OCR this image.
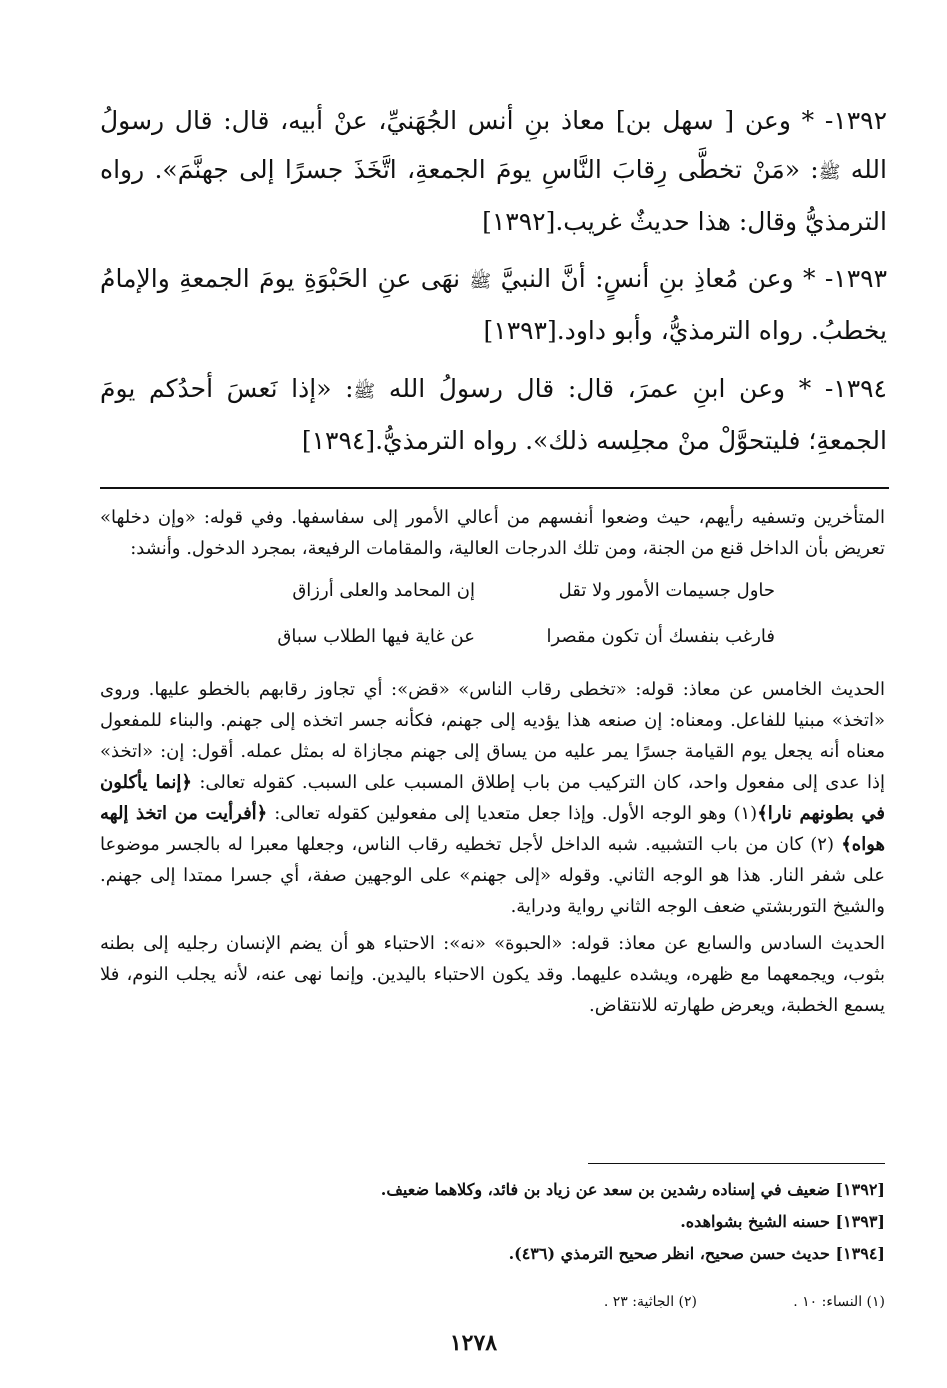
١٣٩٢- * وعن [ سهل بن] معاذ بنِ أنس الجُهَنيِّ، عنْ أبيه، قال: قال رسولُ الله ﷺ: «مَنْ تخطَّى رِقابَ النَّاسِ يومَ الجمعةِ، اتَّخَذَ جسرًا إلى جهنَّمَ». رواه الترمذيُّ وقال: هذا حديثٌ غريب.[١٣٩٢]
١٣٩٣- * وعن مُعاذِ بنِ أنسٍ: أنَّ النبيَّ ﷺ نهَى عنِ الحَبْوَةِ يومَ الجمعةِ والإمامُ يخطبُ. رواه الترمذيُّ، وأبو داود.[١٣٩٣]
١٣٩٤- * وعن ابنِ عمرَ، قال: قال رسولُ الله ﷺ: «إذا نَعسَ أحدُكم يومَ الجمعةِ؛ فليتحوَّلْ منْ مجلِسه ذلك». رواه الترمذيُّ.[١٣٩٤]

المتأخرين وتسفيه رأيهم، حيث وضعوا أنفسهم من أعالي الأمور إلى سفاسفها. وفي قوله: «وإن دخلها» تعريض بأن الداخل قنع من الجنة، ومن تلك الدرجات العالية، والمقامات الرفيعة، بمجرد الدخول. وأنشد:

حاول جسيمات الأمور ولا تقل
إن المحامد والعلى أرزاق
فارغب بنفسك أن تكون مقصرا
عن غاية فيها الطلاب سباق

الحديث الخامس عن معاذ: قوله: «تخطى رقاب الناس» «قض»: أي تجاوز رقابهم بالخطو عليها. وروى «اتخذ» مبنيا للفاعل. ومعناه: إن صنعه هذا يؤديه إلى جهنم، فكأنه جسر اتخذه إلى جهنم. والبناء للمفعول معناه أنه يجعل يوم القيامة جسرًا يمر عليه من يساق إلى جهنم مجازاة له بمثل عمله. أقول: إن: «اتخذ» إذا عدى إلى مفعول واحد، كان التركيب من باب إطلاق المسبب على السبب. كقوله تعالى: ﴿إنما يأكلون في بطونهم نارا﴾(١) وهو الوجه الأول. وإذا جعل متعديا إلى مفعولين كقوله تعالى: ﴿أفرأيت من اتخذ إلهه هواه﴾ (٢) كان من باب التشبيه. شبه الداخل لأجل تخطيه رقاب الناس، وجعلها معبرا له بالجسر موضوعا على شفر النار. هذا هو الوجه الثاني. وقوله «إلى جهنم» على الوجهين صفة، أي جسرا ممتدا إلى جهنم. والشيخ التوربشتي ضعف الوجه الثاني رواية ودراية.

الحديث السادس والسابع عن معاذ: قوله: «الحبوة» «نه»: الاحتباء هو أن يضم الإنسان رجليه إلى بطنه بثوب، ويجمعهما مع ظهره، ويشده عليهما. وقد يكون الاحتباء باليدين. وإنما نهى عنه، لأنه يجلب النوم، فلا يسمع الخطبة، ويعرض طهارته للانتقاض.

[١٣٩٢] ضعيف في إسناده رشدين بن سعد عن زياد بن فائد، وكلاهما ضعيف.
[١٣٩٣] حسنه الشيخ بشواهده.
[١٣٩٤] حديث حسن صحيح، انظر صحيح الترمذي (٤٣٦).
(١) النساء: ١٠ .
(٢) الجاثية: ٢٣ .
١٢٧٨
